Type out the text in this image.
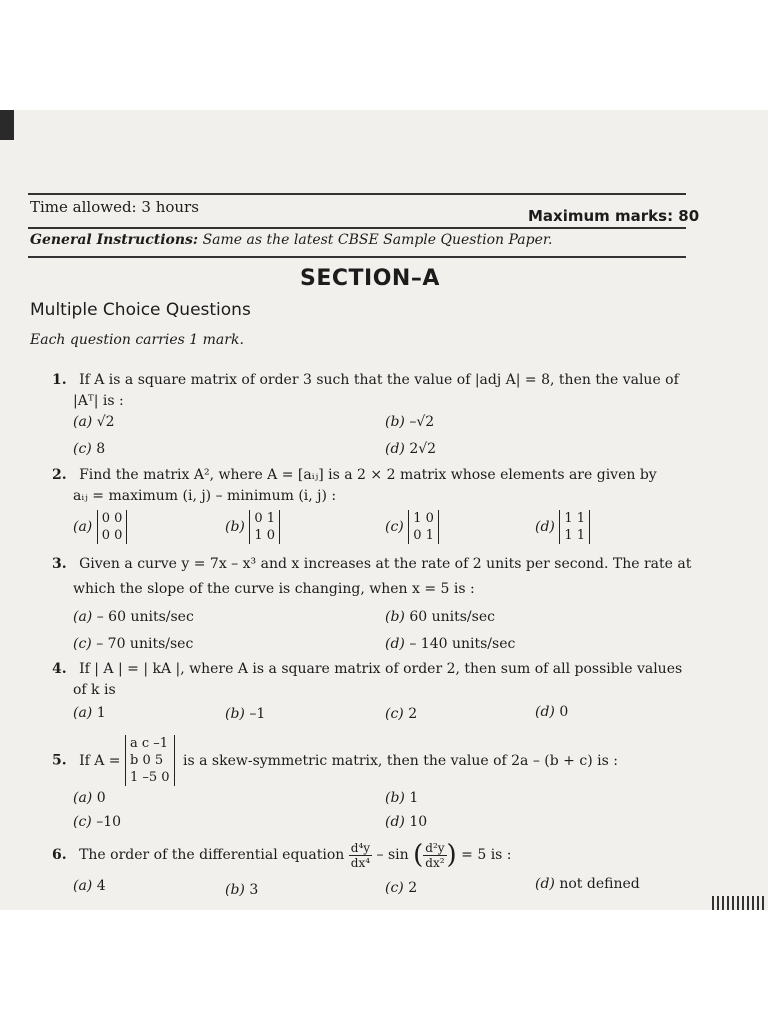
Time allowed: 3 hours	Maximum marks: 80
General Instructions: Same as the latest CBSE Sample Question Paper.
SECTION–A
Multiple Choice Questions
Each question carries 1 mark.
1. If A is a square matrix of order 3 such that the value of |adj A| = 8, then the value of
|Aᵀ| is :
(a) √2	(b) –√2
(c) 8	(d) 2√2
2. Find the matrix A², where A = [aᵢⱼ] is a 2 × 2 matrix whose elements are given by
aᵢⱼ = maximum (i, j) – minimum (i, j) :
(a) 0 0
0 0
(b) 0 1
1 0
(c) 1 0
0 1
(d) 1 1
1 1
3. Given a curve y = 7x – x³ and x increases at the rate of 2 units per second. The rate at
which the slope of the curve is changing, when x = 5 is :
(a) – 60 units/sec	(b) 60 units/sec
(c) – 70 units/sec	(d) – 140 units/sec
4. If | A | = | kA |, where A is a square matrix of order 2, then sum of all possible values
of k is
(a) 1	(b) –1	(c) 2	(d) 0
5. If A = a c –1
b 0 5
1 –5 0 is a skew-symmetric matrix, then the value of 2a – (b + c) is :
(a) 0	(b) 1
(c) –10	(d) 10
6. The order of the differential equation $\frac{\text{d⁴y}}{\text{dx⁴}}$ – sin ( $\frac{\text{d²y}}{\text{dx²}}$ ) = 5 is :
(a) 4	(b) 3	(c) 2	(d) not defined
